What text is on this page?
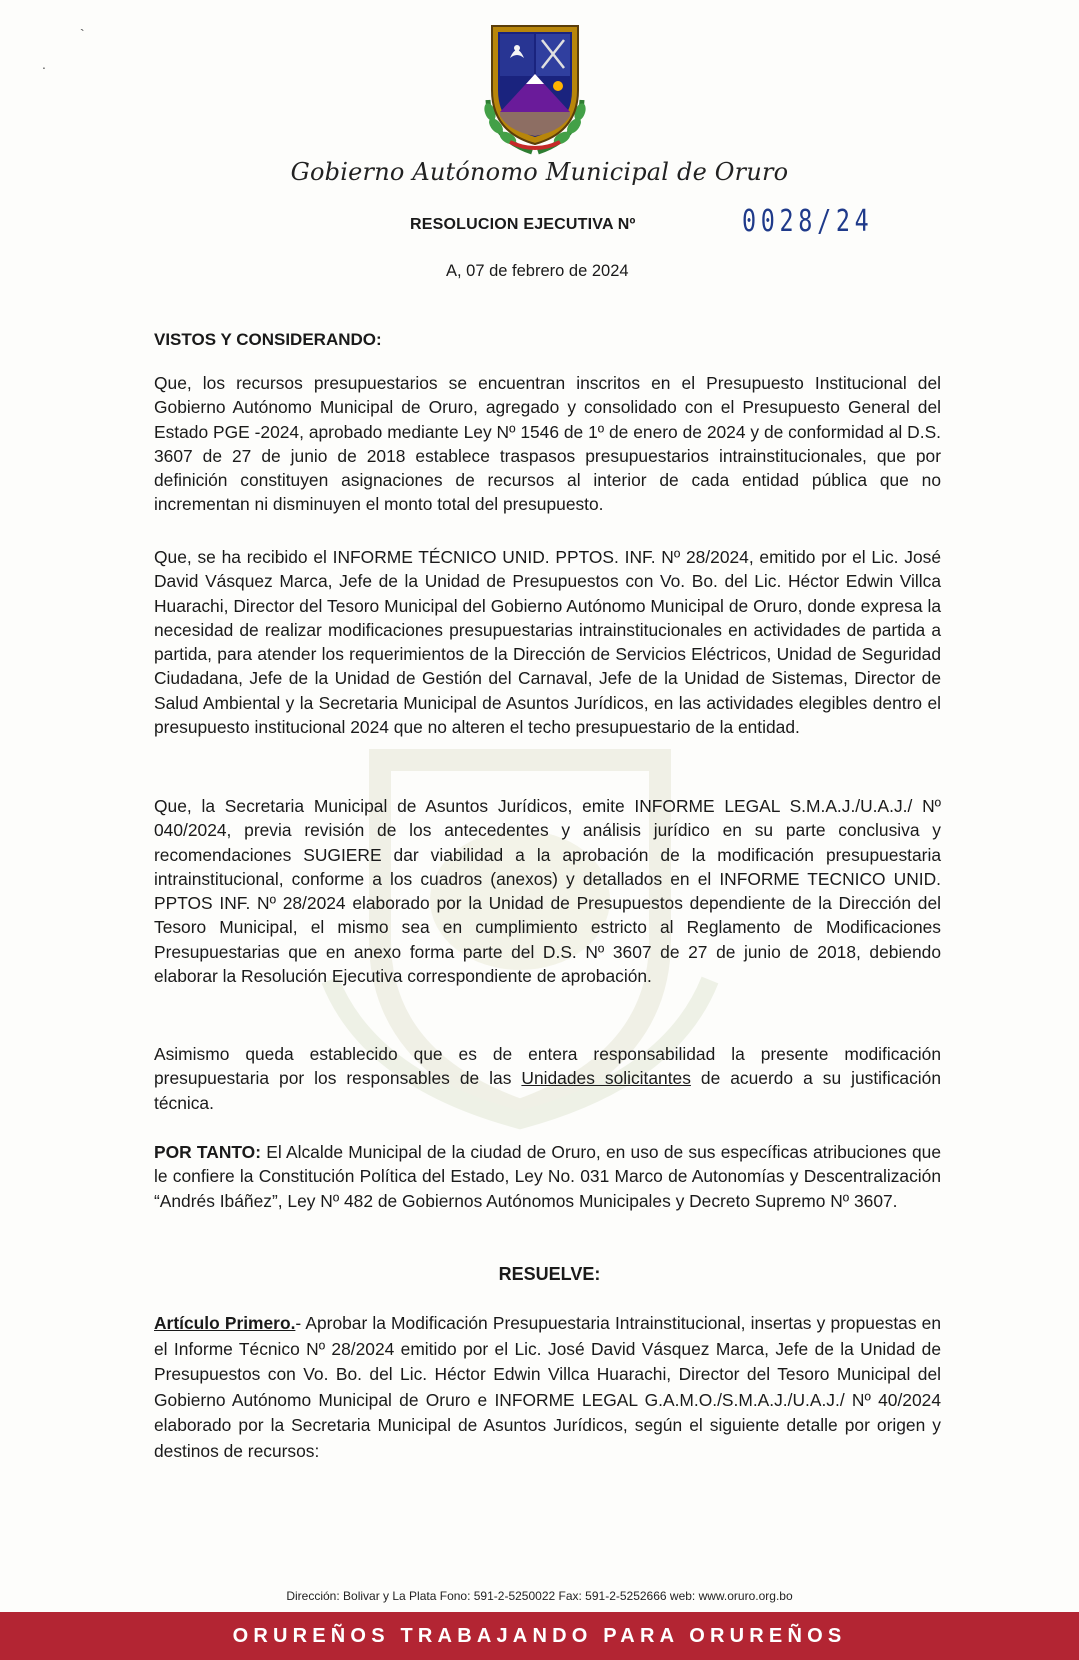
`
.
Gobierno Autónomo Municipal de Oruro
RESOLUCION EJECUTIVA Nº	0028/24
A, 07 de febrero de 2024
VISTOS Y CONSIDERANDO:

Que, los recursos presupuestarios se encuentran inscritos en el Presupuesto Institucional del Gobierno Autónomo Municipal de Oruro, agregado y consolidado con el Presupuesto General del Estado PGE -2024, aprobado mediante Ley Nº 1546 de 1º de enero de 2024 y de conformidad al D.S. 3607 de 27 de junio de 2018 establece traspasos presupuestarios intrainstitucionales, que por definición constituyen asignaciones de recursos al interior de cada entidad pública que no incrementan ni disminuyen el monto total del presupuesto.

Que, se ha recibido el INFORME TÉCNICO UNID. PPTOS. INF. Nº 28/2024, emitido por el Lic. José David Vásquez Marca, Jefe de la Unidad de Presupuestos con Vo. Bo. del Lic. Héctor Edwin Villca Huarachi, Director del Tesoro Municipal del Gobierno Autónomo Municipal de Oruro, donde expresa la necesidad de realizar modificaciones presupuestarias intrainstitucionales en actividades de partida a partida, para atender los requerimientos de la Dirección de Servicios Eléctricos, Unidad de Seguridad Ciudadana, Jefe de la Unidad de Gestión del Carnaval, Jefe de la Unidad de Sistemas, Director de Salud Ambiental y la Secretaria Municipal de Asuntos Jurídicos, en las actividades elegibles dentro el presupuesto institucional 2024 que no alteren el techo presupuestario de la entidad.

Que, la Secretaria Municipal de Asuntos Jurídicos, emite INFORME LEGAL S.M.A.J./U.A.J./ Nº 040/2024, previa revisión de los antecedentes y análisis jurídico en su parte conclusiva y recomendaciones SUGIERE dar viabilidad a la aprobación de la modificación presupuestaria intrainstitucional, conforme a los cuadros (anexos) y detallados en el INFORME TECNICO UNID. PPTOS INF. Nº 28/2024 elaborado por la Unidad de Presupuestos dependiente de la Dirección del Tesoro Municipal, el mismo sea en cumplimiento estricto al Reglamento de Modificaciones Presupuestarias que en anexo forma parte del D.S. Nº 3607 de 27 de junio de 2018, debiendo elaborar la Resolución Ejecutiva correspondiente de aprobación.

Asimismo queda establecido que es de entera responsabilidad la presente modificación presupuestaria por los responsables de las Unidades solicitantes de acuerdo a su justificación técnica.

POR TANTO: El Alcalde Municipal de la ciudad de Oruro, en uso de sus específicas atribuciones que le confiere la Constitución Política del Estado, Ley No. 031 Marco de Autonomías y Descentralización “Andrés Ibáñez”, Ley Nº 482 de Gobiernos Autónomos Municipales y Decreto Supremo Nº 3607.

RESUELVE:

Artículo Primero.- Aprobar la Modificación Presupuestaria Intrainstitucional, insertas y propuestas en el Informe Técnico Nº 28/2024 emitido por el Lic. José David Vásquez Marca, Jefe de la Unidad de Presupuestos con Vo. Bo. del Lic. Héctor Edwin Villca Huarachi, Director del Tesoro Municipal del Gobierno Autónomo Municipal de Oruro e INFORME LEGAL G.A.M.O./S.M.A.J./U.A.J./ Nº 40/2024 elaborado por la Secretaria Municipal de Asuntos Jurídicos, según el siguiente detalle por origen y destinos de recursos:

Dirección: Bolivar y La Plata Fono: 591-2-5250022 Fax: 591-2-5252666 web: www.oruro.org.bo
ORUREÑOS TRABAJANDO PARA ORUREÑOS
